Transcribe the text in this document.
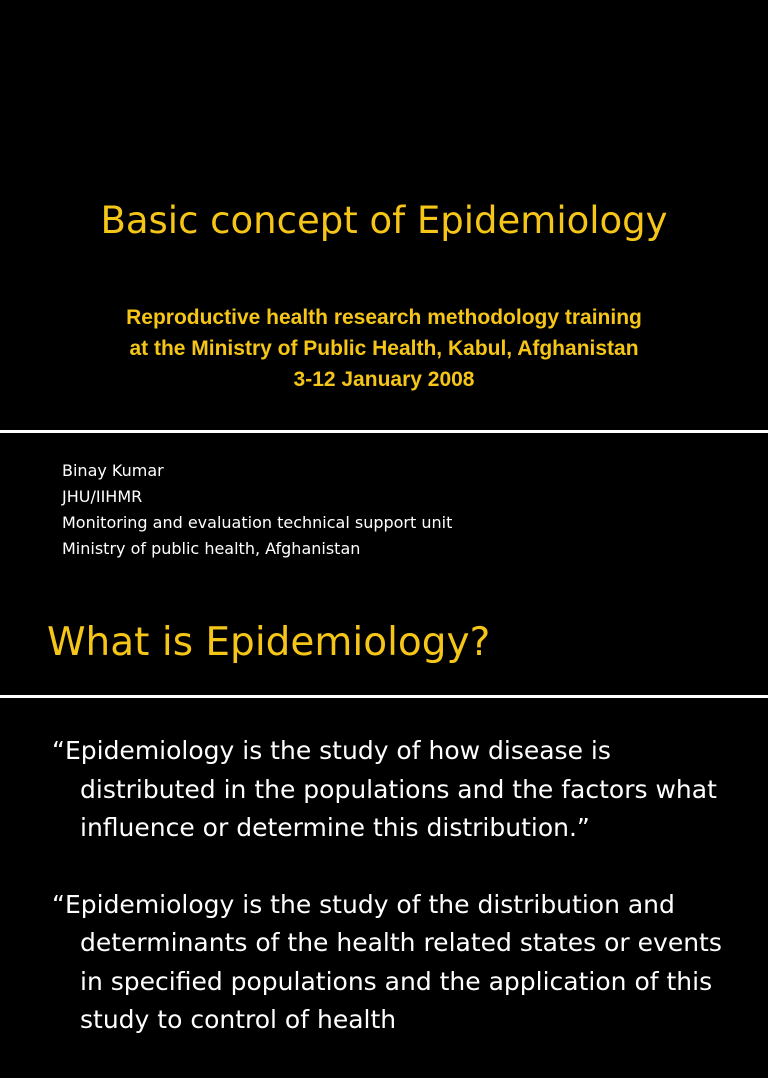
Basic concept of Epidemiology
Reproductive health research methodology training
at the Ministry of Public Health, Kabul, Afghanistan
3-12 January 2008
Binay Kumar
JHU/IIHMR
Monitoring and evaluation technical support unit
Ministry of public health, Afghanistan
What is Epidemiology?
“Epidemiology is the study of how disease is distributed in the populations and the factors what influence or determine this distribution.”
“Epidemiology is the study of the distribution and determinants of the health related states or events in specified populations and the application of this study to control of health
